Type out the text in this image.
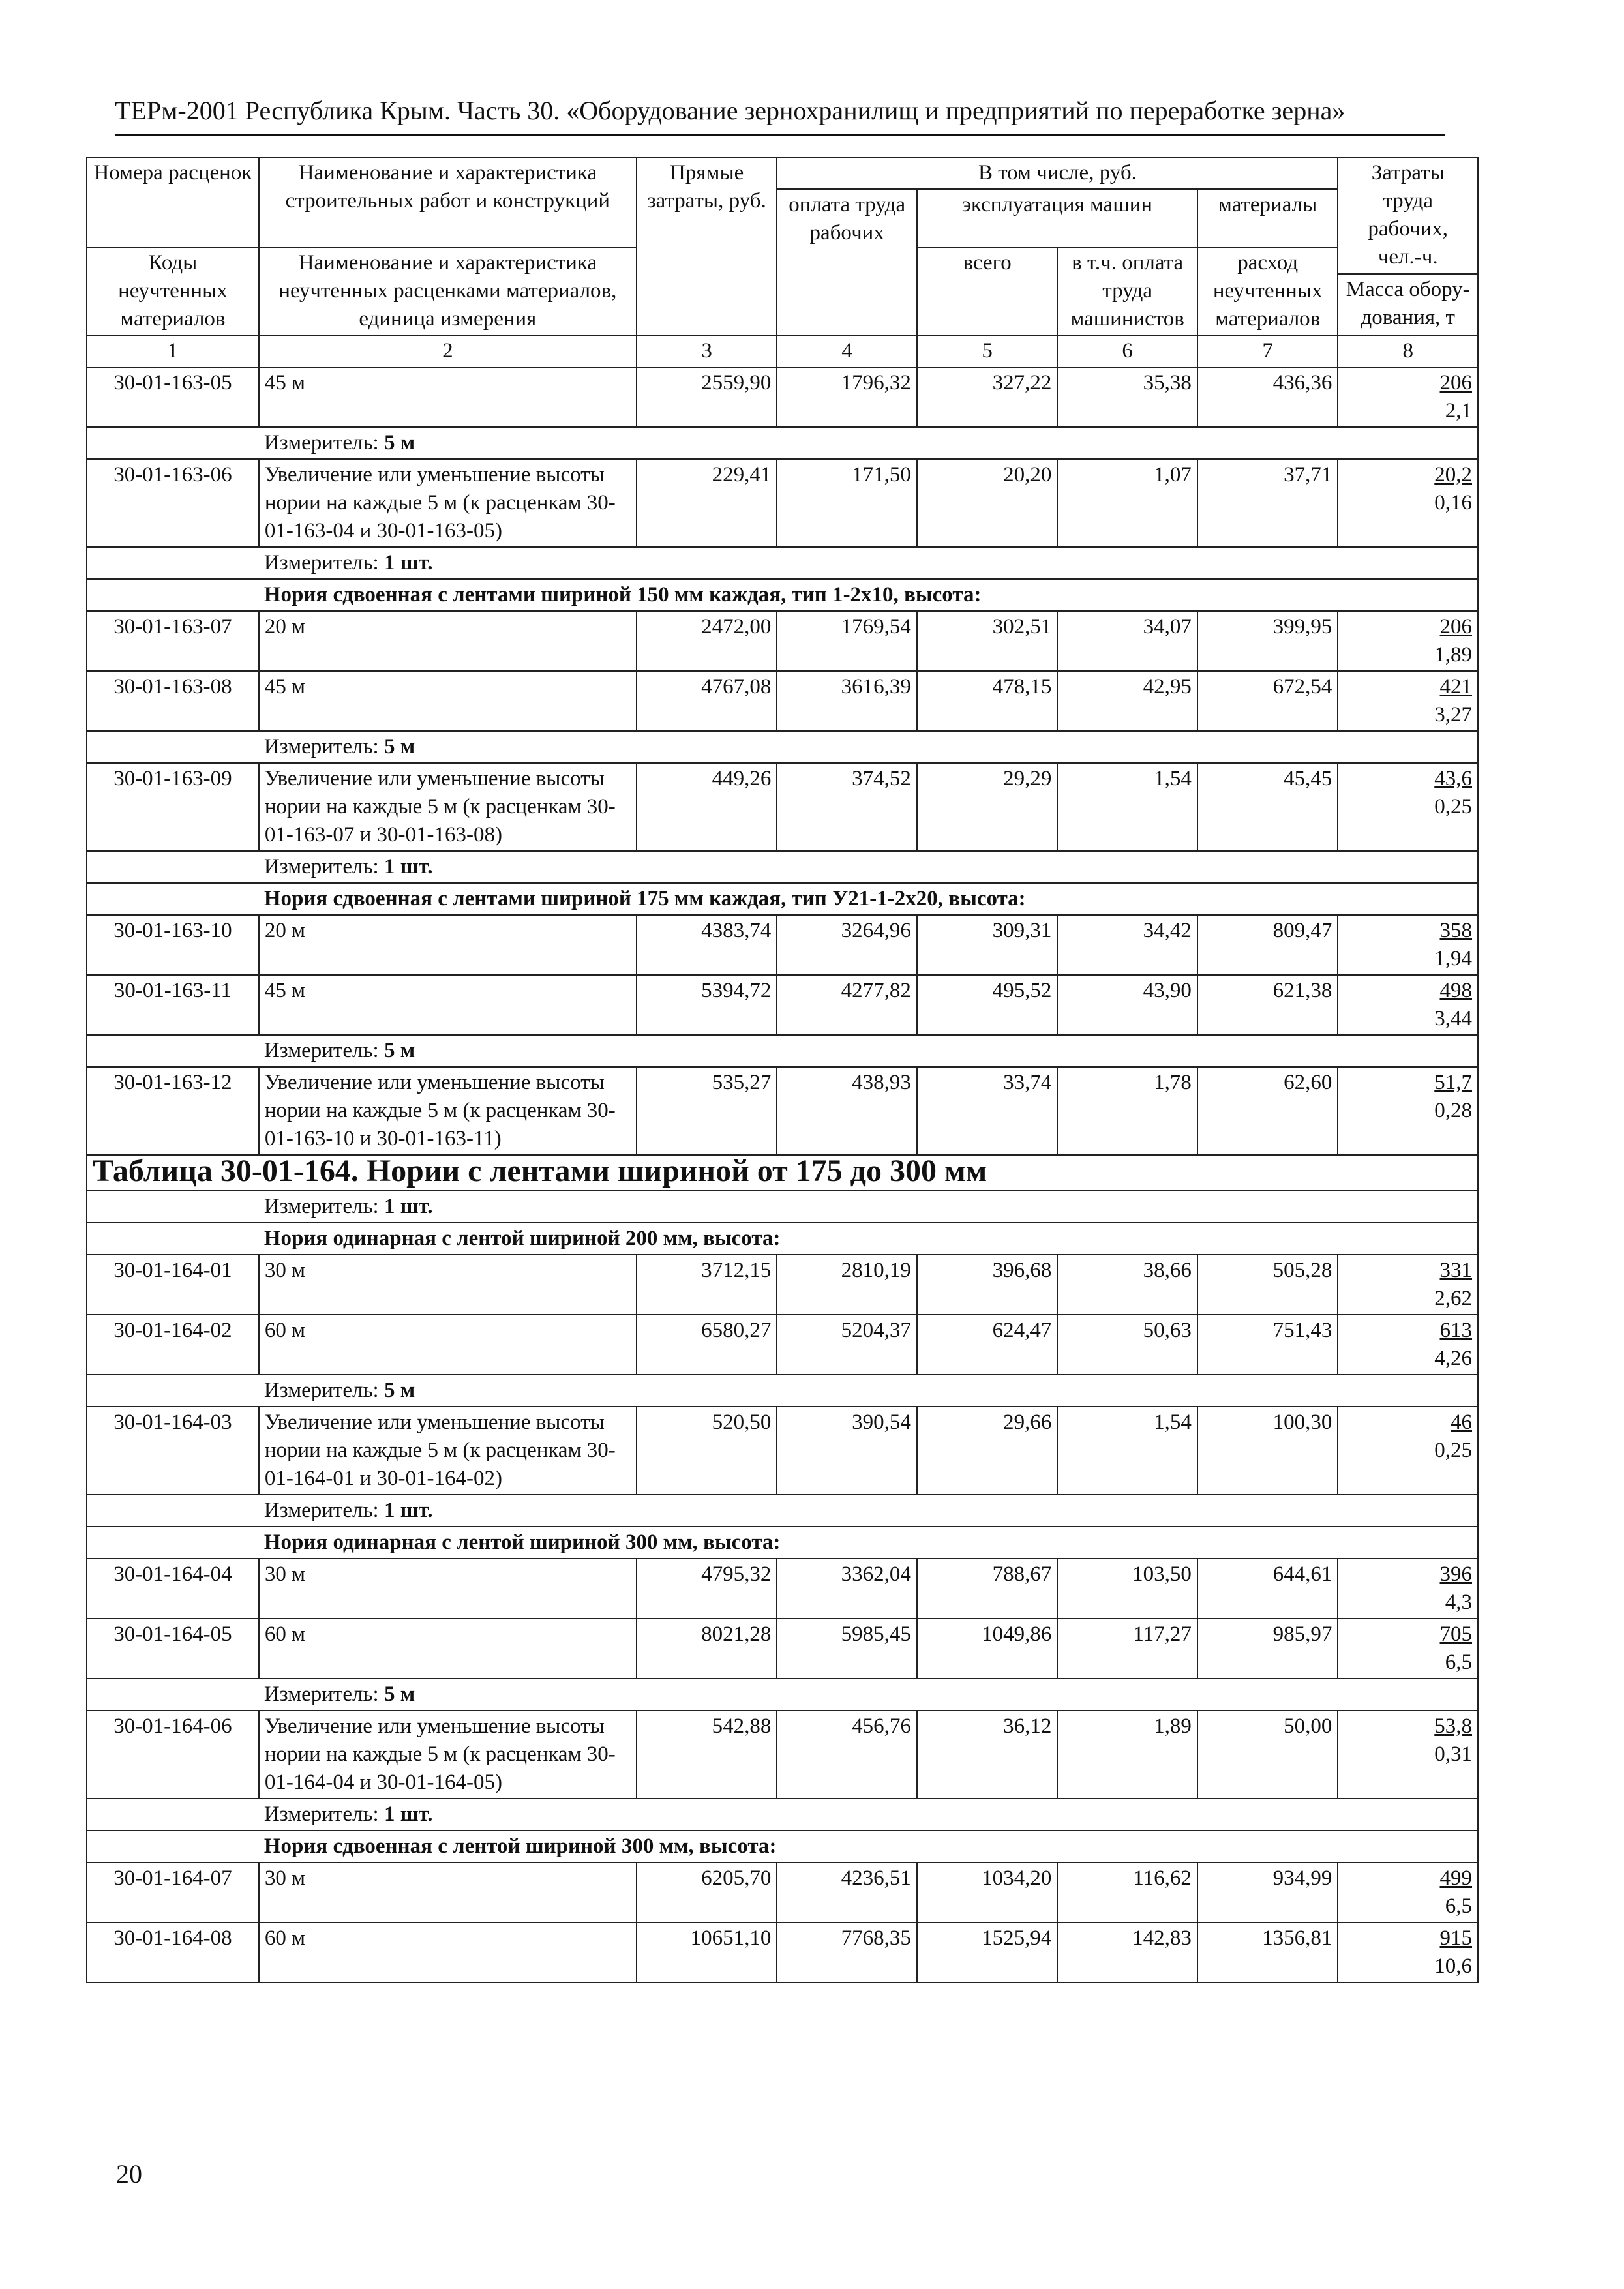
ТЕРм-2001 Республика Крым. Часть 30. «Оборудование зернохранилищ и предприятий по переработке зерна»
Номера расценок	Наименование и характеристика строительных работ и конструкций	Прямые затраты, руб.	В том числе, руб.				Затраты труда рабочих, чел.-ч.
			оплата труда рабочих	эксплуатация машин		материалы	
Коды неучтенных материалов	Наименование и характеристика неучтенных расценками материалов, единица измерения			всего	в т.ч. оплата труда машинистов	расход неучтенных материалов	
							Масса обору-дования, т
1	2	3	4	5	6	7	8
30-01-163-05	45 м	2559,90	1796,32	327,22	35,38	436,36	206
2,1
	Измеритель: 5 м						
30-01-163-06	Увеличение или уменьшение высоты нории на каждые 5 м (к расценкам 30-01-163-04 и 30-01-163-05)	229,41	171,50	20,20	1,07	37,71	20,2
0,16
	Измеритель: 1 шт.						
	Нория сдвоенная с лентами шириной 150 мм каждая, тип 1-2х10, высота:						
30-01-163-07	20 м	2472,00	1769,54	302,51	34,07	399,95	206
1,89
30-01-163-08	45 м	4767,08	3616,39	478,15	42,95	672,54	421
3,27
	Измеритель: 5 м						
30-01-163-09	Увеличение или уменьшение высоты нории на каждые 5 м (к расценкам 30-01-163-07 и 30-01-163-08)	449,26	374,52	29,29	1,54	45,45	43,6
0,25
	Измеритель: 1 шт.						
	Нория сдвоенная с лентами шириной 175 мм каждая, тип У21-1-2х20, высота:						
30-01-163-10	20 м	4383,74	3264,96	309,31	34,42	809,47	358
1,94
30-01-163-11	45 м	5394,72	4277,82	495,52	43,90	621,38	498
3,44
	Измеритель: 5 м						
30-01-163-12	Увеличение или уменьшение высоты нории на каждые 5 м (к расценкам 30-01-163-10 и 30-01-163-11)	535,27	438,93	33,74	1,78	62,60	51,7
0,28
Таблица 30-01-164. Нории с лентами шириной от 175 до 300 мм							
	Измеритель: 1 шт.						
	Нория одинарная с лентой шириной 200 мм, высота:						
30-01-164-01	30 м	3712,15	2810,19	396,68	38,66	505,28	331
2,62
30-01-164-02	60 м	6580,27	5204,37	624,47	50,63	751,43	613
4,26
	Измеритель: 5 м						
30-01-164-03	Увеличение или уменьшение высоты нории на каждые 5 м (к расценкам 30-01-164-01 и 30-01-164-02)	520,50	390,54	29,66	1,54	100,30	46
0,25
	Измеритель: 1 шт.						
	Нория одинарная с лентой шириной 300 мм, высота:						
30-01-164-04	30 м	4795,32	3362,04	788,67	103,50	644,61	396
4,3
30-01-164-05	60 м	8021,28	5985,45	1049,86	117,27	985,97	705
6,5
	Измеритель: 5 м						
30-01-164-06	Увеличение или уменьшение высоты нории на каждые 5 м (к расценкам 30-01-164-04 и 30-01-164-05)	542,88	456,76	36,12	1,89	50,00	53,8
0,31
	Измеритель: 1 шт.						
	Нория сдвоенная с лентой шириной 300 мм, высота:						
30-01-164-07	30 м	6205,70	4236,51	1034,20	116,62	934,99	499
6,5
30-01-164-08	60 м	10651,10	7768,35	1525,94	142,83	1356,81	915
10,6
20
